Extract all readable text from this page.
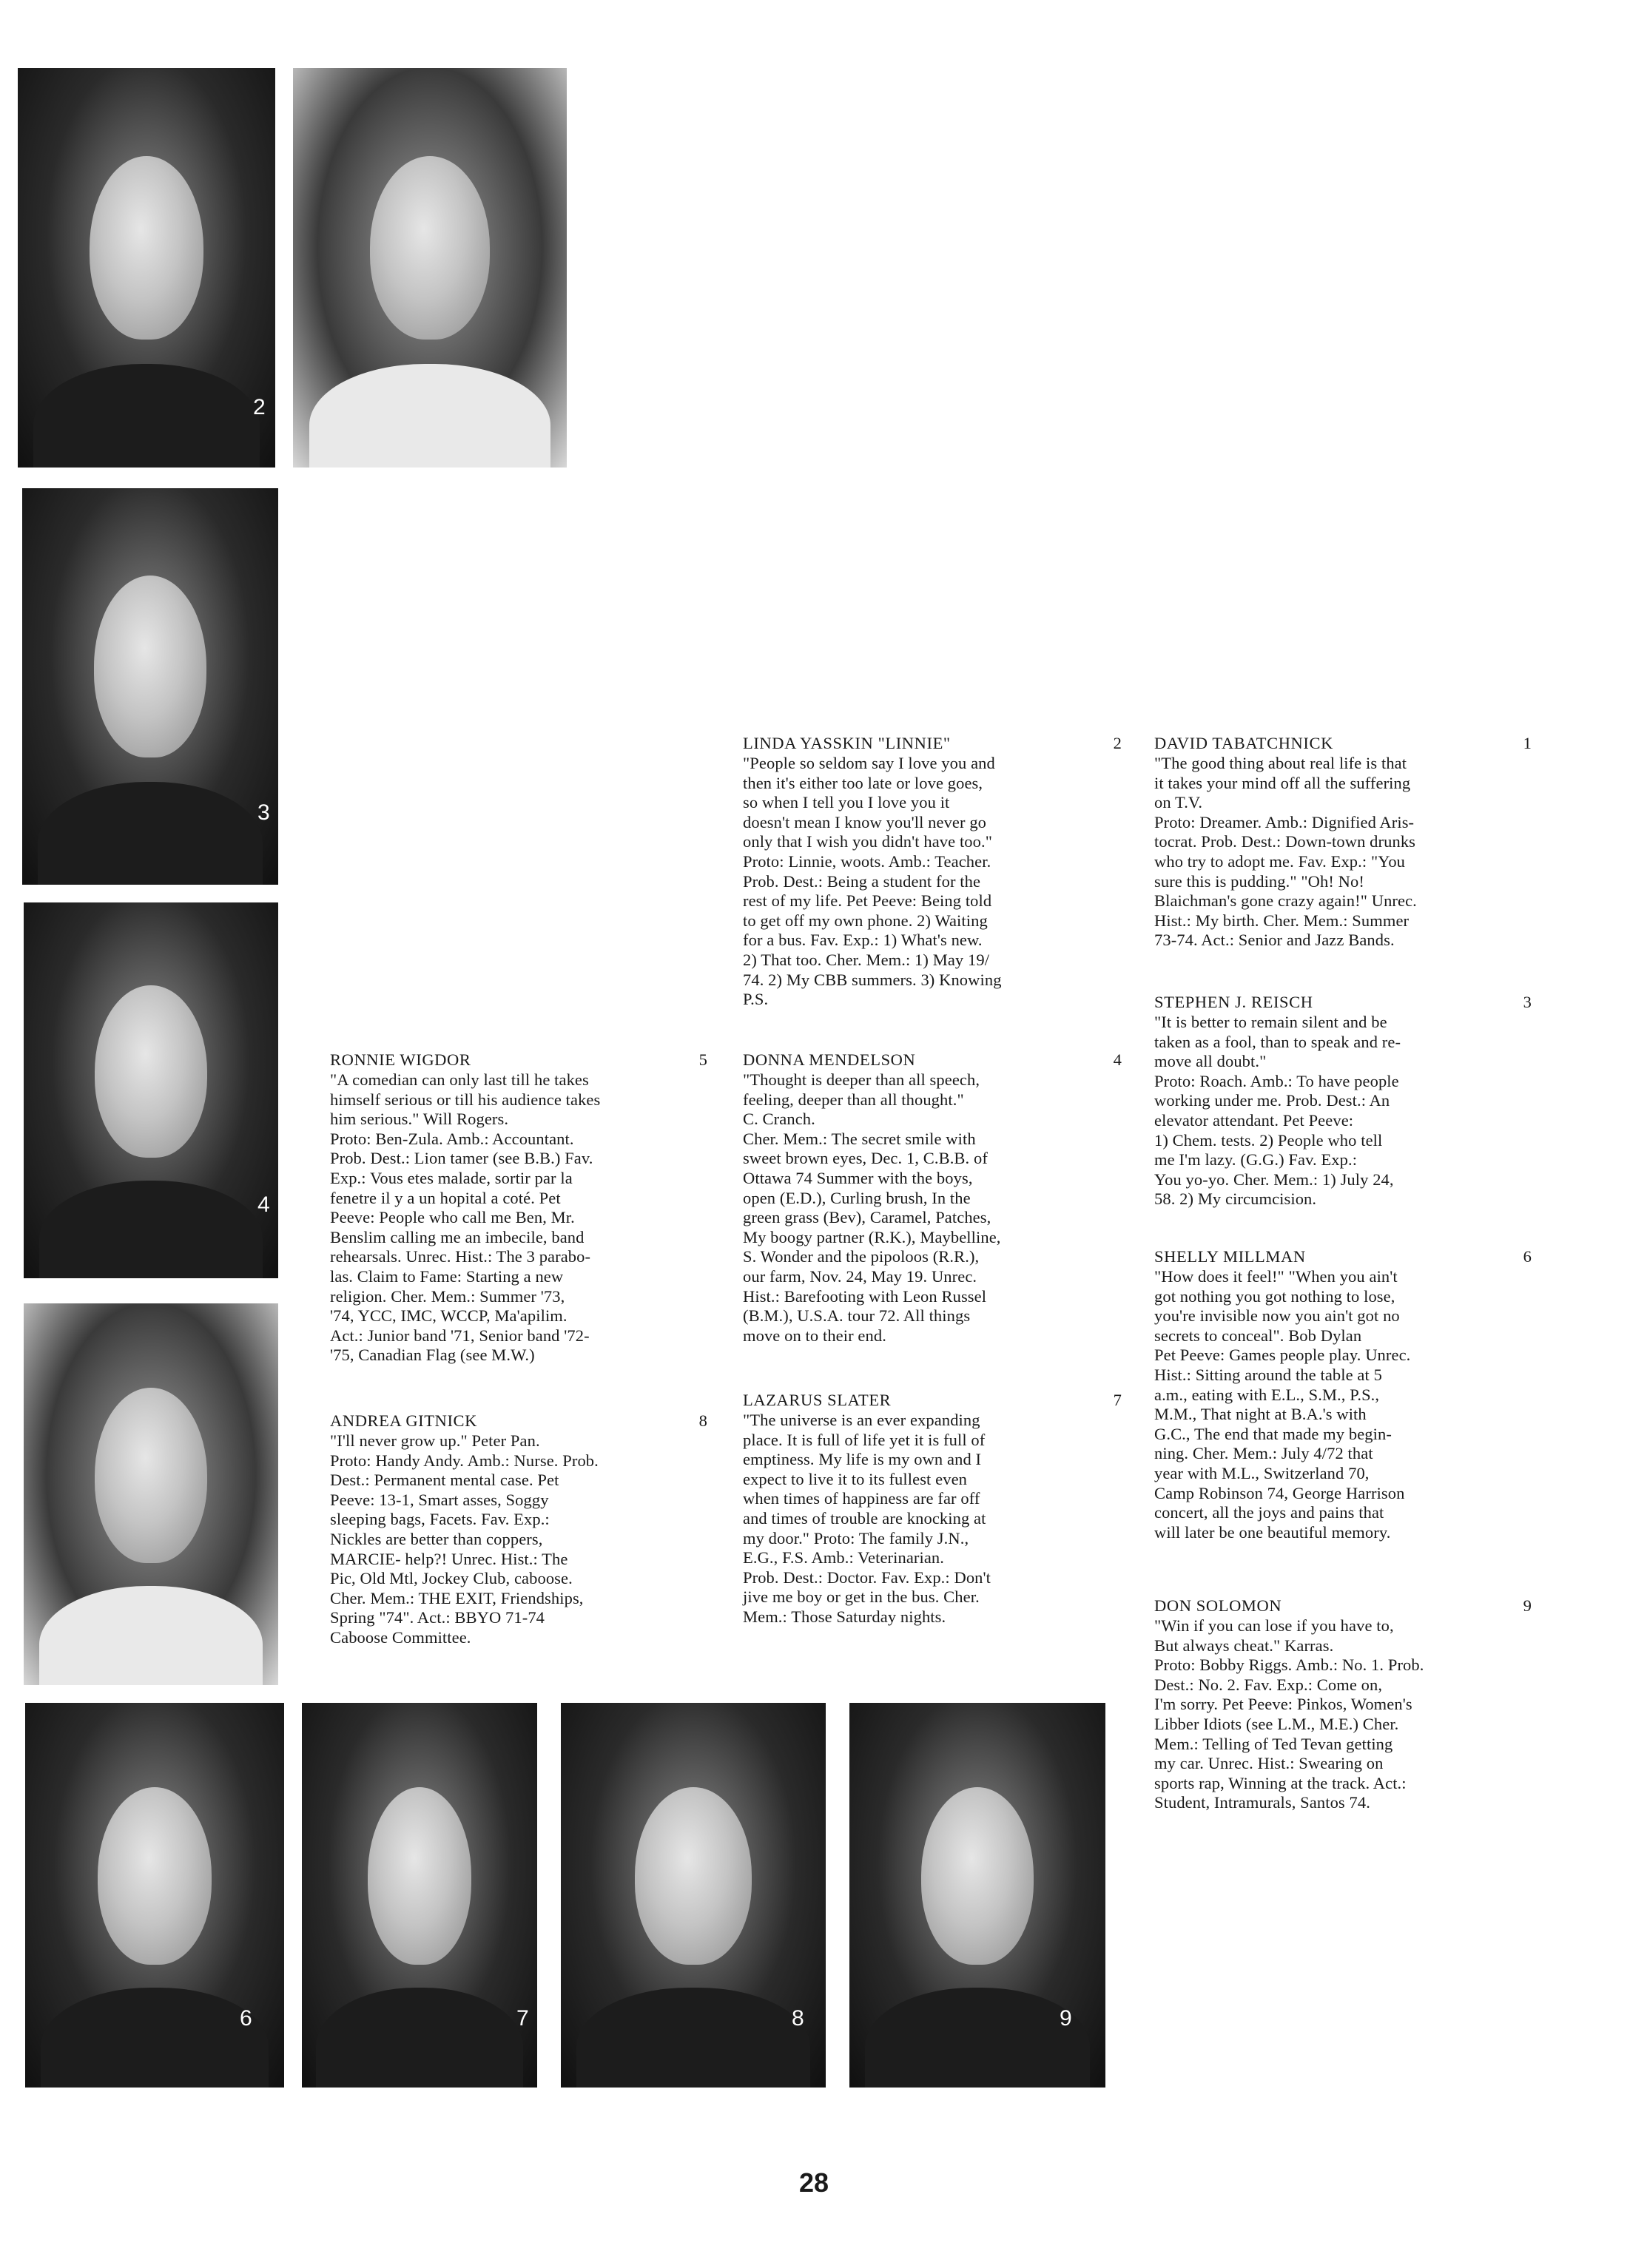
2
3
4
6	7	8	9
RONNIE WIGDOR	5
"A comedian can only last till he takes
himself serious or till his audience takes
him serious." Will Rogers.
Proto: Ben-Zula. Amb.: Accountant.
Prob. Dest.: Lion tamer (see B.B.) Fav.
Exp.: Vous etes malade, sortir par la
fenetre il y a un hopital a coté. Pet
Peeve: People who call me Ben, Mr.
Benslim calling me an imbecile, band
rehearsals. Unrec. Hist.: The 3 parabo-
las. Claim to Fame: Starting a new
religion. Cher. Mem.: Summer '73,
'74, YCC, IMC, WCCP, Ma'apilim.
Act.: Junior band '71, Senior band '72-
'75, Canadian Flag (see M.W.)
ANDREA GITNICK	8
"I'll never grow up." Peter Pan.
Proto: Handy Andy. Amb.: Nurse. Prob.
Dest.: Permanent mental case. Pet
Peeve: 13-1, Smart asses, Soggy
sleeping bags, Facets. Fav. Exp.:
Nickles are better than coppers,
MARCIE- help?! Unrec. Hist.: The
Pic, Old Mtl, Jockey Club, caboose.
Cher. Mem.: THE EXIT, Friendships,
Spring "74". Act.: BBYO 71-74
Caboose Committee.
LINDA YASSKIN "LINNIE"	2
"People so seldom say I love you and
then it's either too late or love goes,
so when I tell you I love you it
doesn't mean I know you'll never go
only that I wish you didn't have too."
Proto: Linnie, woots. Amb.: Teacher.
Prob. Dest.: Being a student for the
rest of my life. Pet Peeve: Being told
to get off my own phone. 2) Waiting
for a bus. Fav. Exp.: 1) What's new.
2) That too. Cher. Mem.: 1) May 19/
74. 2) My CBB summers. 3) Knowing
P.S.
DONNA MENDELSON	4
"Thought is deeper than all speech,
feeling, deeper than all thought."
C. Cranch.
Cher. Mem.: The secret smile with
sweet brown eyes, Dec. 1, C.B.B. of
Ottawa 74 Summer with the boys,
open (E.D.), Curling brush, In the
green grass (Bev), Caramel, Patches,
My boogy partner (R.K.), Maybelline,
S. Wonder and the pipoloos (R.R.),
our farm, Nov. 24, May 19. Unrec.
Hist.: Barefooting with Leon Russel
(B.M.), U.S.A. tour 72. All things
move on to their end.
LAZARUS SLATER	7
"The universe is an ever expanding
place. It is full of life yet it is full of
emptiness. My life is my own and I
expect to live it to its fullest even
when times of happiness are far off
and times of trouble are knocking at
my door." Proto: The family J.N.,
E.G., F.S. Amb.: Veterinarian.
Prob. Dest.: Doctor. Fav. Exp.: Don't
jive me boy or get in the bus. Cher.
Mem.: Those Saturday nights.
DAVID TABATCHNICK	1
"The good thing about real life is that
it takes your mind off all the suffering
on T.V.
Proto: Dreamer. Amb.: Dignified Aris-
tocrat. Prob. Dest.: Down-town drunks
who try to adopt me. Fav. Exp.: "You
sure this is pudding." "Oh! No!
Blaichman's gone crazy again!" Unrec.
Hist.: My birth. Cher. Mem.: Summer
73-74. Act.: Senior and Jazz Bands.
STEPHEN J. REISCH	3
"It is better to remain silent and be
taken as a fool, than to speak and re-
move all doubt."
Proto: Roach. Amb.: To have people
working under me. Prob. Dest.: An
elevator attendant. Pet Peeve:
1) Chem. tests. 2) People who tell
me I'm lazy. (G.G.) Fav. Exp.:
You yo-yo. Cher. Mem.: 1) July 24,
58. 2) My circumcision.
SHELLY MILLMAN	6
"How does it feel!" "When you ain't
got nothing you got nothing to lose,
you're invisible now you ain't got no
secrets to conceal". Bob Dylan
Pet Peeve: Games people play. Unrec.
Hist.: Sitting around the table at 5
a.m., eating with E.L., S.M., P.S.,
M.M., That night at B.A.'s with
G.C., The end that made my begin-
ning. Cher. Mem.: July 4/72 that
year with M.L., Switzerland 70,
Camp Robinson 74, George Harrison
concert, all the joys and pains that
will later be one beautiful memory.
DON SOLOMON	9
"Win if you can lose if you have to,
But always cheat." Karras.
Proto: Bobby Riggs. Amb.: No. 1. Prob.
Dest.: No. 2. Fav. Exp.: Come on,
I'm sorry. Pet Peeve: Pinkos, Women's
Libber Idiots (see L.M., M.E.) Cher.
Mem.: Telling of Ted Tevan getting
my car. Unrec. Hist.: Swearing on
sports rap, Winning at the track. Act.:
Student, Intramurals, Santos 74.
28
